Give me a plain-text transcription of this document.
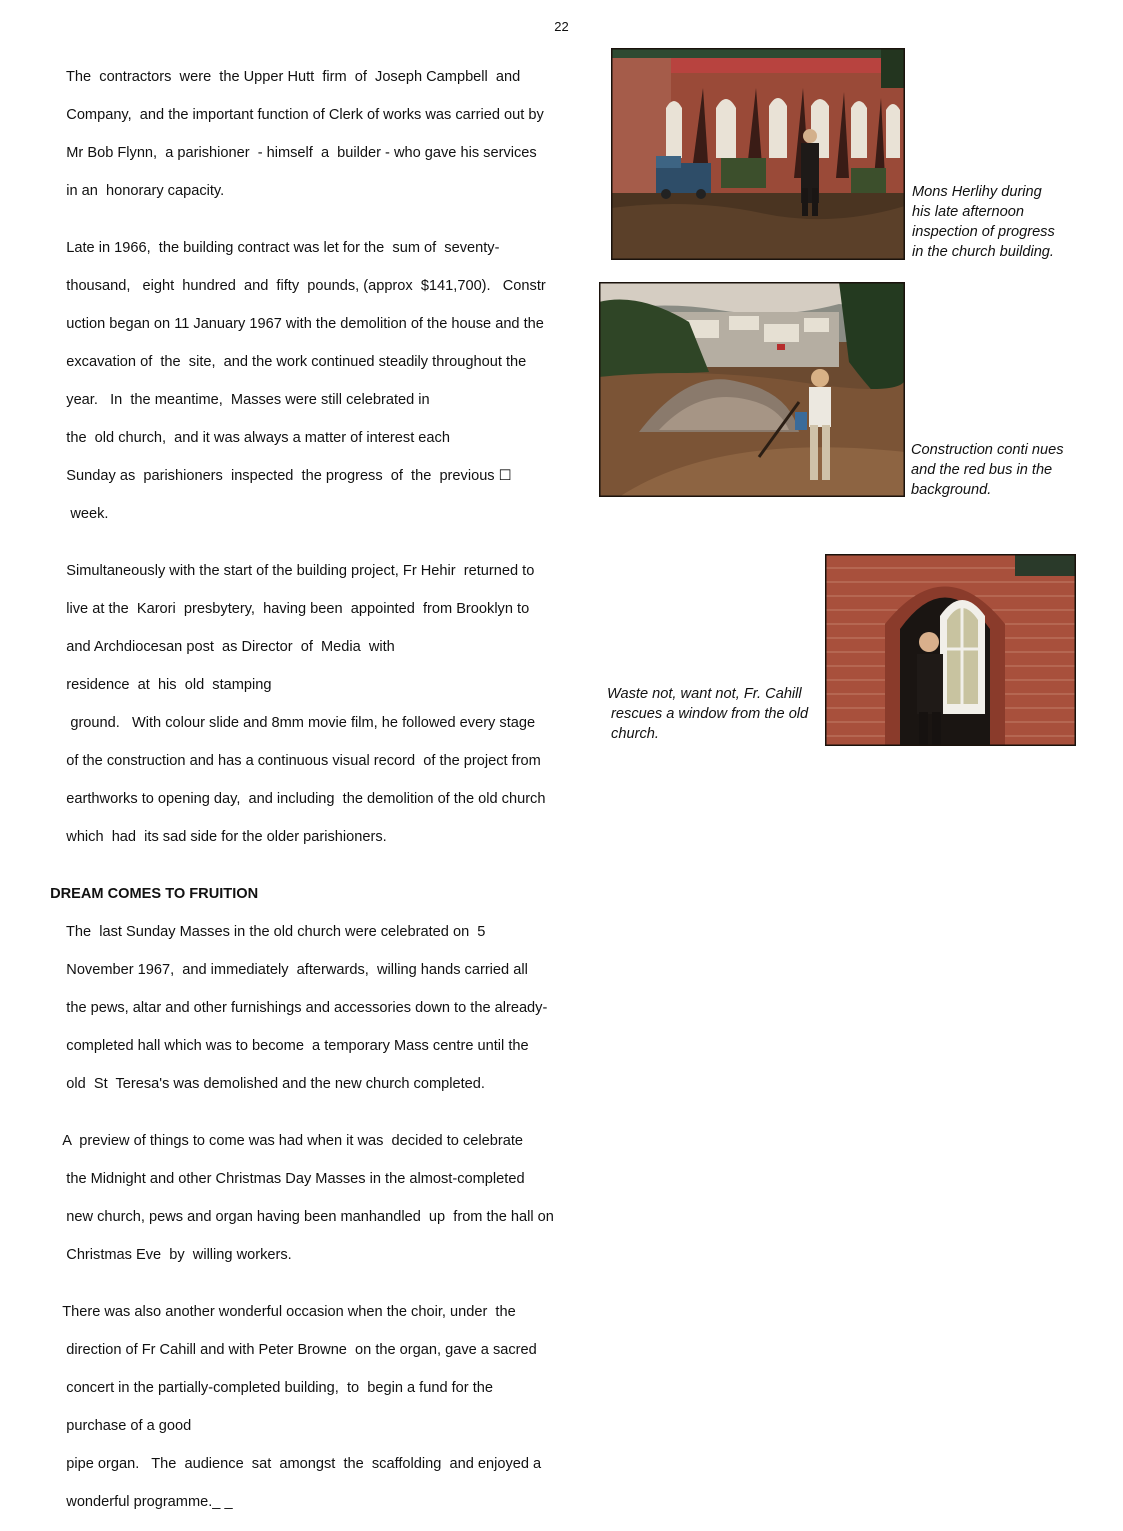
22

The  contractors  were  the Upper Hutt  firm  of  Joseph Campbell  and

Company,  and the important function of Clerk of works was carried out by

Mr Bob Flynn,  a parishioner  - himself  a  builder - who gave his services

in an  honorary capacity.

Late in 1966,  the building contract was let for the  sum of  seventy-

thousand,   eight  hundred  and  fifty  pounds, (approx  $141,700).   Constr

uction began on 11 January 1967 with the demolition of the house and the

excavation of  the  site,  and the work continued steadily throughout the

year.   In  the meantime,  Masses were still celebrated in

the  old church,  and it was always a matter of interest each

Sunday as  parishioners  inspected  the progress  of  the  previous ☐

week.

Simultaneously with the start of the building project, Fr Hehir  returned to

live at the  Karori  presbytery,  having been  appointed  from Brooklyn to

and Archdiocesan post  as Director  of  Media  with

residence  at  his  old  stamping

ground.   With colour slide and 8mm movie film, he followed every stage

of the construction and has a continuous visual record  of the project from

earthworks to opening day,  and including  the demolition of the old church

which  had  its sad side for the older parishioners.

DREAM COMES TO FRUITION

The  last Sunday Masses in the old church were celebrated on  5

November 1967,  and immediately  afterwards,  willing hands carried all

the pews, altar and other furnishings and accessories down to the already-

completed hall which was to become  a temporary Mass centre until the

old  St  Teresa's was demolished and the new church completed.

A  preview of things to come was had when it was  decided to celebrate

the Midnight and other Christmas Day Masses in the almost-completed

new church, pews and organ having been manhandled  up  from the hall on

Christmas Eve  by  willing workers.

There was also another wonderful occasion when the choir, under  the

direction of Fr Cahill and with Peter Browne  on the organ, gave a sacred

concert in the partially-completed building,  to  begin a fund for the

purchase of a good

pipe organ.   The  audience  sat  amongst  the  scaffolding  and enjoyed a

wonderful programme._ _

Mons Herlihy during
his late afternoon
inspection of progress
in the church building.
Construction conti nues
and the red bus in the
background.
Waste not, want not, Fr. Cahill
rescues a window from the old
church.
